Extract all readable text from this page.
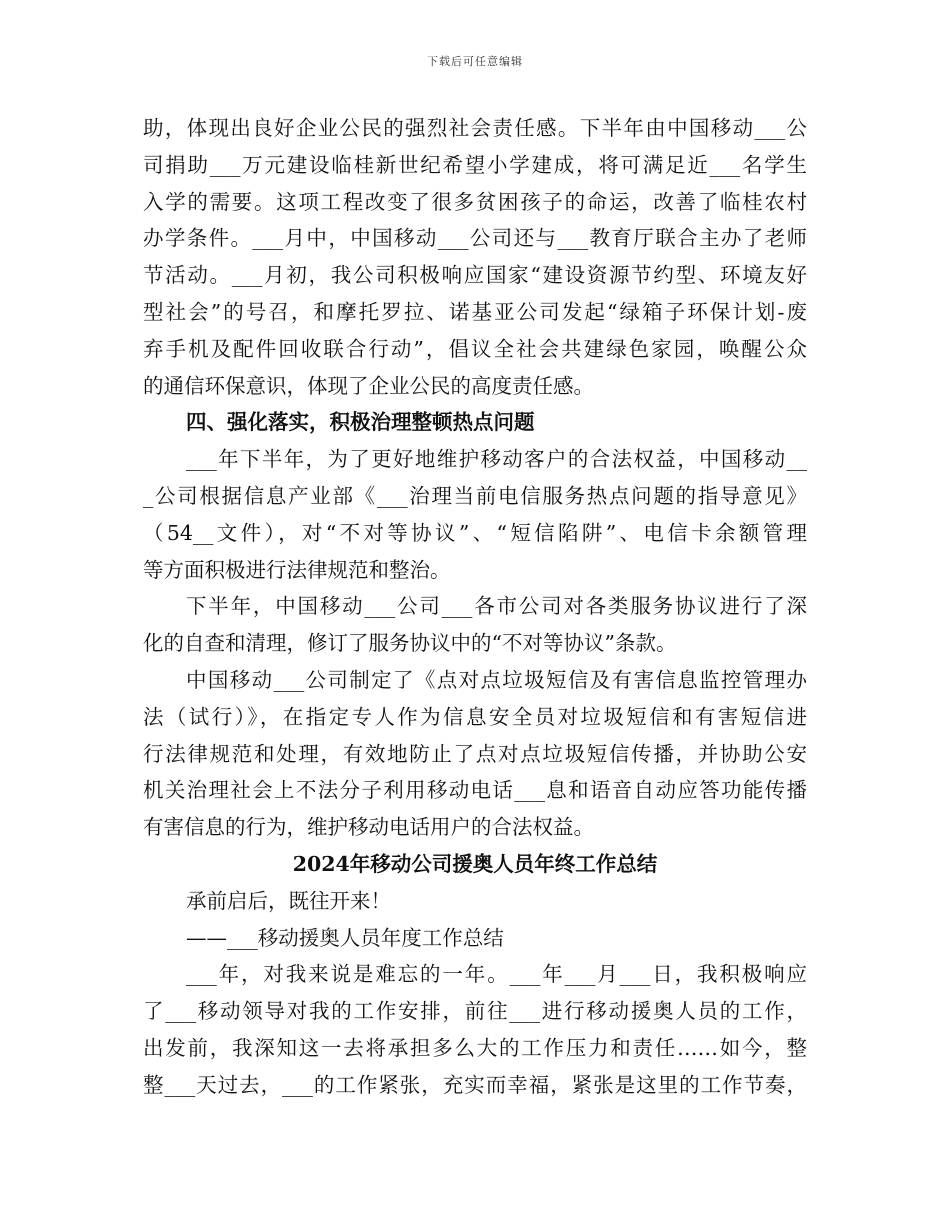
下载后可任意编辑
助，体现出良好企业公民的强烈社会责任感。下半年由中国移动___公
司捐助___万元建设临桂新世纪希望小学建成，将可满足近___名学生
入学的需要。这项工程改变了很多贫困孩子的命运，改善了临桂农村
办学条件。___月中，中国移动___公司还与___教育厅联合主办了老师
节活动。___月初，我公司积极响应国家“建设资源节约型、环境友好
型社会”的号召，和摩托罗拉、诺基亚公司发起“绿箱子环保计划-废
弃手机及配件回收联合行动”，倡议全社会共建绿色家园，唤醒公众
的通信环保意识，体现了企业公民的高度责任感。
四、强化落实，积极治理整顿热点问题
___年下半年，为了更好地维护移动客户的合法权益，中国移动__
_公司根据信息产业部《___治理当前电信服务热点问题的指导意见》
（54__文件），对“不对等协议”、“短信陷阱”、电信卡余额管理
等方面积极进行法律规范和整治。
下半年，中国移动___公司___各市公司对各类服务协议进行了深
化的自查和清理，修订了服务协议中的“不对等协议”条款。
中国移动___公司制定了《点对点垃圾短信及有害信息监控管理办
法（试行）》，在指定专人作为信息安全员对垃圾短信和有害短信进
行法律规范和处理，有效地防止了点对点垃圾短信传播，并协助公安
机关治理社会上不法分子利用移动电话___息和语音自动应答功能传播
有害信息的行为，维护移动电话用户的合法权益。
2024年移动公司援奥人员年终工作总结
承前启后，既往开来！
——___移动援奥人员年度工作总结
___年，对我来说是难忘的一年。___年___月___日，我积极响应
了___移动领导对我的工作安排，前往___进行移动援奥人员的工作，
出发前，我深知这一去将承担多么大的工作压力和责任……如今，整
整___天过去，___的工作紧张，充实而幸福，紧张是这里的工作节奏，
